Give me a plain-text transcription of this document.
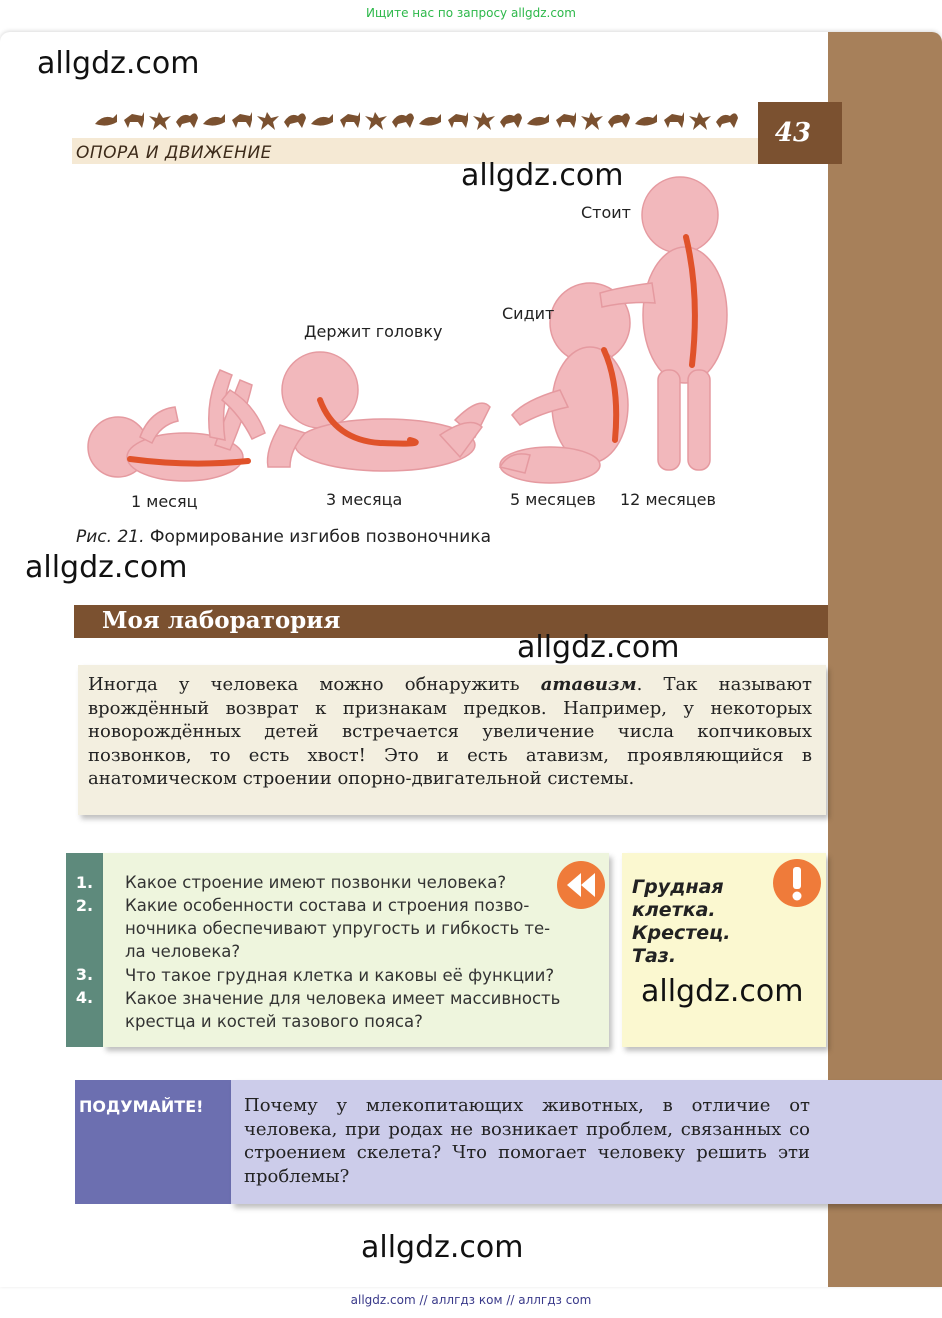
Ищите нас по запросу allgdz.com
ОПОРА И ДВИЖЕНИЕ
43
Стоит
Держит головку
Сидит
1 месяц	3 месяца	5 месяцев 12 месяцев
Рис. 21. Формирование изгибов позвоночника
Моя лаборатория
Иногда у человека можно обнаружить атавизм. Так называют врождённый возврат к признакам предков. Например, у некоторых новорождённых детей встречается увеличение числа копчиковых позвонков, то есть хвост! Это и есть атавизм, проявляющийся в анатомическом строении опорно-двигательной системы.
1.
2.
3.
4.
Какое строение имеют позвонки человека?
Какие особенности состава и строения позво-
ночника обеспечивают упругость и гибкость те-
ла человека?
Что такое грудная клетка и каковы её функции?
Какое значение для человека имеет массивность
крестца и костей тазового пояса?
Грудная
клетка.
Крестец.
Таз.
ПОДУМАЙТЕ! Почему у млекопитающих животных, в отличие от человека, при родах не возникает проблем, связанных со строением скелета? Что помогает человеку решить эти проблемы?
allgdz.com
allgdz.com
allgdz.com
allgdz.com
allgdz.com
allgdz.com
allgdz.com // аллгдз ком // аллгдз com
